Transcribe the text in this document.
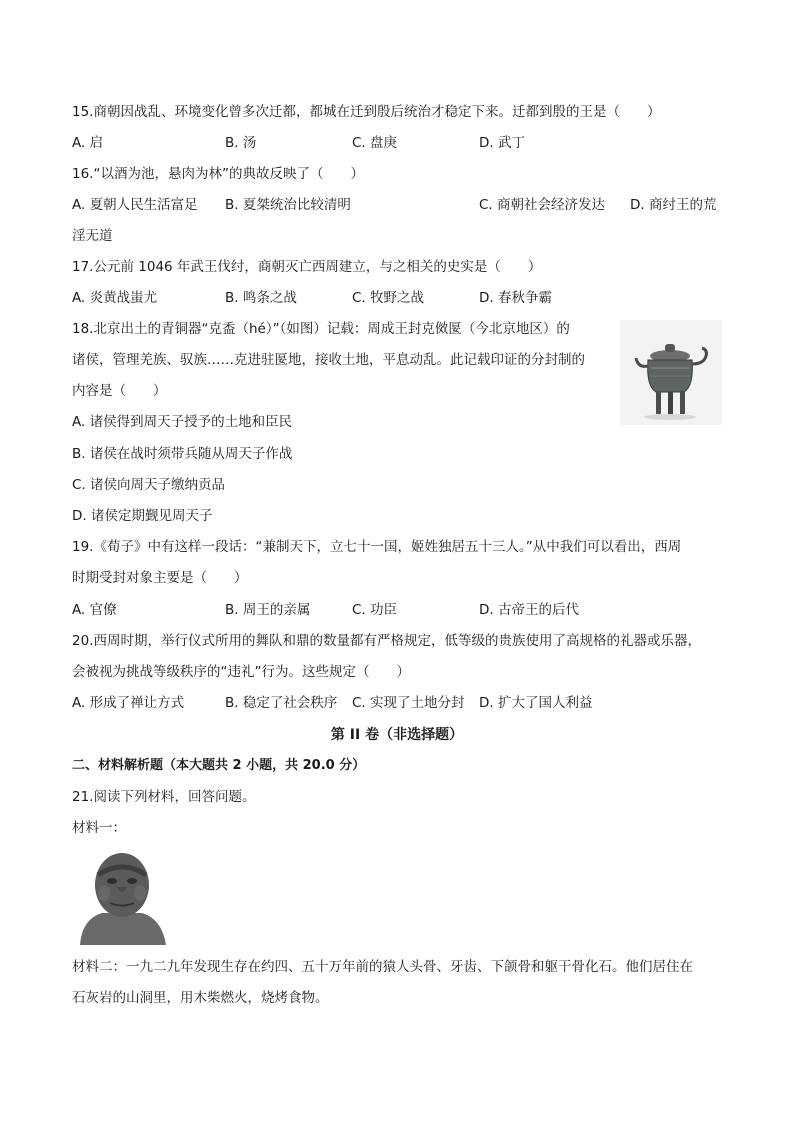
15.商朝因战乱、环境变化曾多次迁都，都城在迁到殷后统治才稳定下来。迁都到殷的王是（　　）
A. 启	B. 汤	C. 盘庚	D. 武丁
16.“以酒为池，悬肉为林”的典故反映了（　　）
A. 夏朝人民生活富足 B. 夏桀统治比较清明	C. 商朝社会经济发达 D. 商纣王的荒
淫无道
17.公元前 1046 年武王伐纣，商朝灭亡西周建立，与之相关的史实是（　　）
A. 炎黄战蚩尤	B. 鸣条之战	C. 牧野之战	D. 春秋争霸
18.北京出土的青铜器“克盉（hé）”（如图）记载：周成王封克傚匽（今北京地区）的
诸侯，管理羌族、驭族……克进驻匽地，接收土地，平息动乱。此记载印证的分封制的
内容是（　　）
A. 诸侯得到周天子授予的土地和臣民
B. 诸侯在战时须带兵随从周天子作战
C. 诸侯向周天子缴纳贡品
D. 诸侯定期觐见周天子
19.《荀子》中有这样一段话：“兼制天下，立七十一国，姬姓独居五十三人。”从中我们可以看出，西周
时期受封对象主要是（　　）
A. 官僚	B. 周王的亲属	C. 功臣	D. 古帝王的后代
20.西周时期，举行仪式所用的舞队和鼎的数量都有严格规定，低等级的贵族使用了高规格的礼器或乐器，
会被视为挑战等级秩序的“违礼”行为。这些规定（　　）
A. 形成了禅让方式	B. 稳定了社会秩序 C. 实现了土地分封 D. 扩大了国人利益
第 II 卷（非选择题）
二、材料解析题（本大题共 2 小题，共 20.0 分）
21.阅读下列材料，回答问题。
材料一：
材料二：一九二九年发现生存在约四、五十万年前的猿人头骨、牙齿、下颌骨和躯干骨化石。他们居住在
石灰岩的山洞里，用木柴燃火，烧烤食物。
